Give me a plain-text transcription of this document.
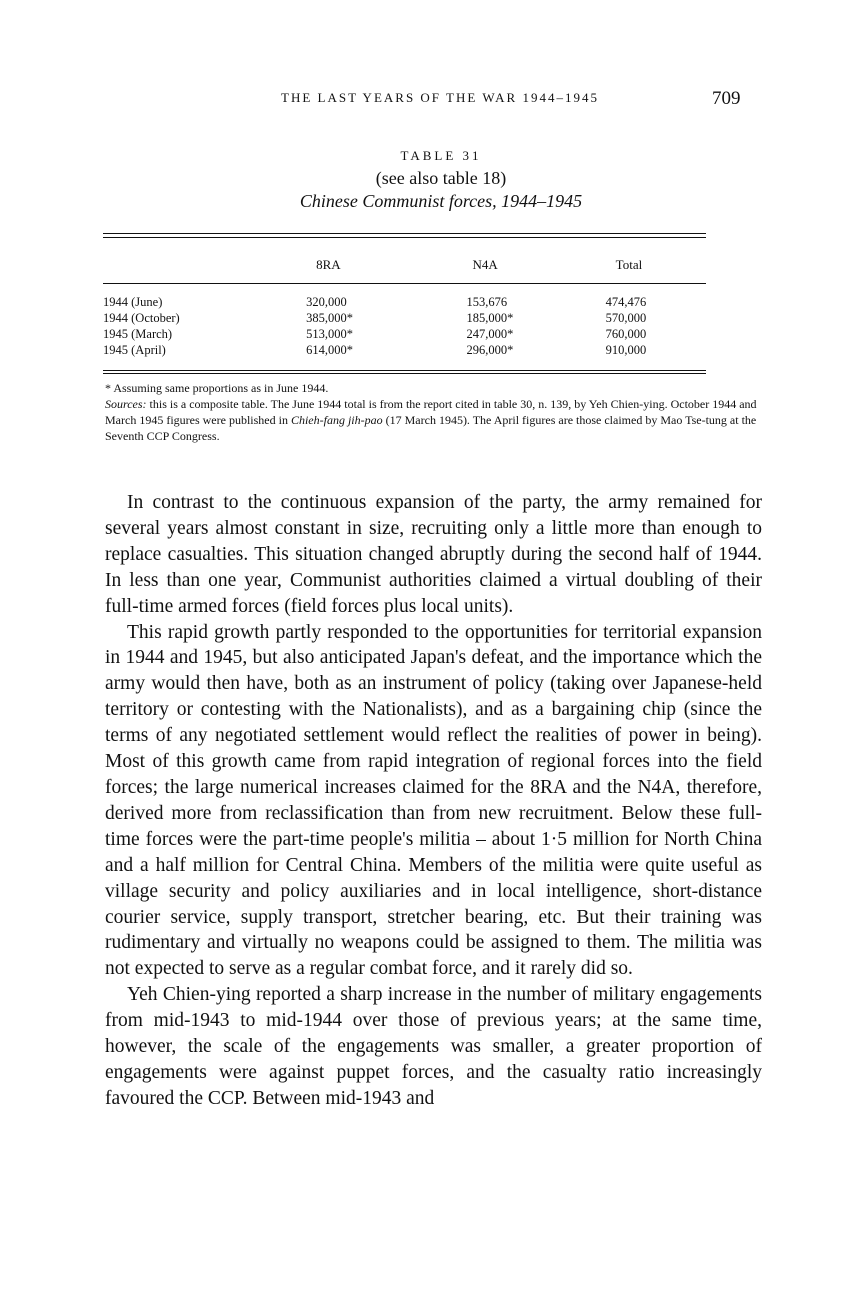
THE LAST YEARS OF THE WAR 1944–1945	709
TABLE 31
(see also table 18)
Chinese Communist forces, 1944–1945

	8RA	N4A	Total
1944 (June)	320,000	153,676	474,476
1944 (October)	385,000*	185,000*	570,000
1945 (March)	513,000*	247,000*	760,000
1945 (April)	614,000*	296,000*	910,000

* Assuming same proportions as in June 1944.

Sources: this is a composite table. The June 1944 total is from the report cited in table 30, n. 139, by Yeh Chien-ying. October 1944 and March 1945 figures were published in Chieh-fang jih-pao (17 March 1945). The April figures are those claimed by Mao Tse-tung at the Seventh CCP Congress.

In contrast to the continuous expansion of the party, the army remained for several years almost constant in size, recruiting only a little more than enough to replace casualties. This situation changed abruptly during the second half of 1944. In less than one year, Communist authorities claimed a virtual doubling of their full-time armed forces (field forces plus local units).

This rapid growth partly responded to the opportunities for territorial expansion in 1944 and 1945, but also anticipated Japan's defeat, and the importance which the army would then have, both as an instrument of policy (taking over Japanese-held territory or contesting with the Nationalists), and as a bargaining chip (since the terms of any negotiated settlement would reflect the realities of power in being). Most of this growth came from rapid integration of regional forces into the field forces; the large numerical increases claimed for the 8RA and the N4A, therefore, derived more from reclassification than from new recruitment. Below these full-time forces were the part-time people's militia – about 1·5 million for North China and a half million for Central China. Members of the militia were quite useful as village security and policy auxiliaries and in local intelligence, short-distance courier service, supply transport, stretcher bearing, etc. But their training was rudimentary and virtually no weapons could be assigned to them. The militia was not expected to serve as a regular combat force, and it rarely did so.

Yeh Chien-ying reported a sharp increase in the number of military engagements from mid-1943 to mid-1944 over those of previous years; at the same time, however, the scale of the engagements was smaller, a greater proportion of engagements were against puppet forces, and the casualty ratio increasingly favoured the CCP. Between mid-1943 and
